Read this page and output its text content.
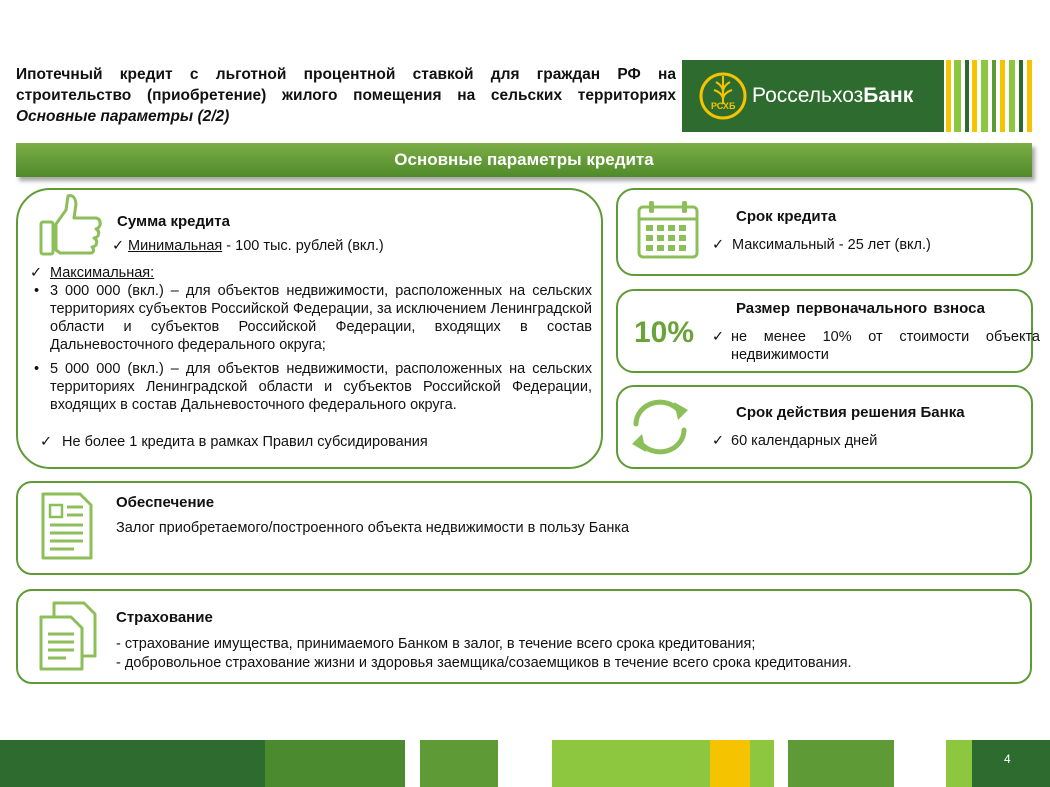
Ипотечный кредит с льготной процентной ставкой для граждан РФ на
строительство (приобретение) жилого помещения на сельских территориях
Основные параметры (2/2)
РСХБ РоссельхозБанк
Основные параметры кредита
Сумма кредита
✓ Минимальная - 100 тыс. рублей (вкл.)
✓ Максимальная:
• 3 000 000 (вкл.) – для объектов недвижимости, расположенных на сельских территориях субъектов Российской Федерации, за исключением Ленинградской области и субъектов Российской Федерации, входящих в состав Дальневосточного федерального округа;
• 5 000 000 (вкл.) – для объектов недвижимости, расположенных на сельских территориях Ленинградской области и субъектов Российской Федерации, входящих в состав Дальневосточного федерального округа.
✓ Не более 1 кредита в рамках Правил субсидирования
Срок кредита
✓ Максимальный - 25 лет (вкл.)
10%
Размер первоначального взноса
✓ не менее 10% от стоимости объекта недвижимости
Срок действия решения Банка
✓ 60 календарных дней
Обеспечение
Залог приобретаемого/построенного объекта недвижимости в пользу Банка
Страхование
- страхование имущества, принимаемого Банком в залог, в течение всего срока кредитования;
- добровольное страхование жизни и здоровья заемщика/созаемщиков в течение всего срока кредитования.
4
